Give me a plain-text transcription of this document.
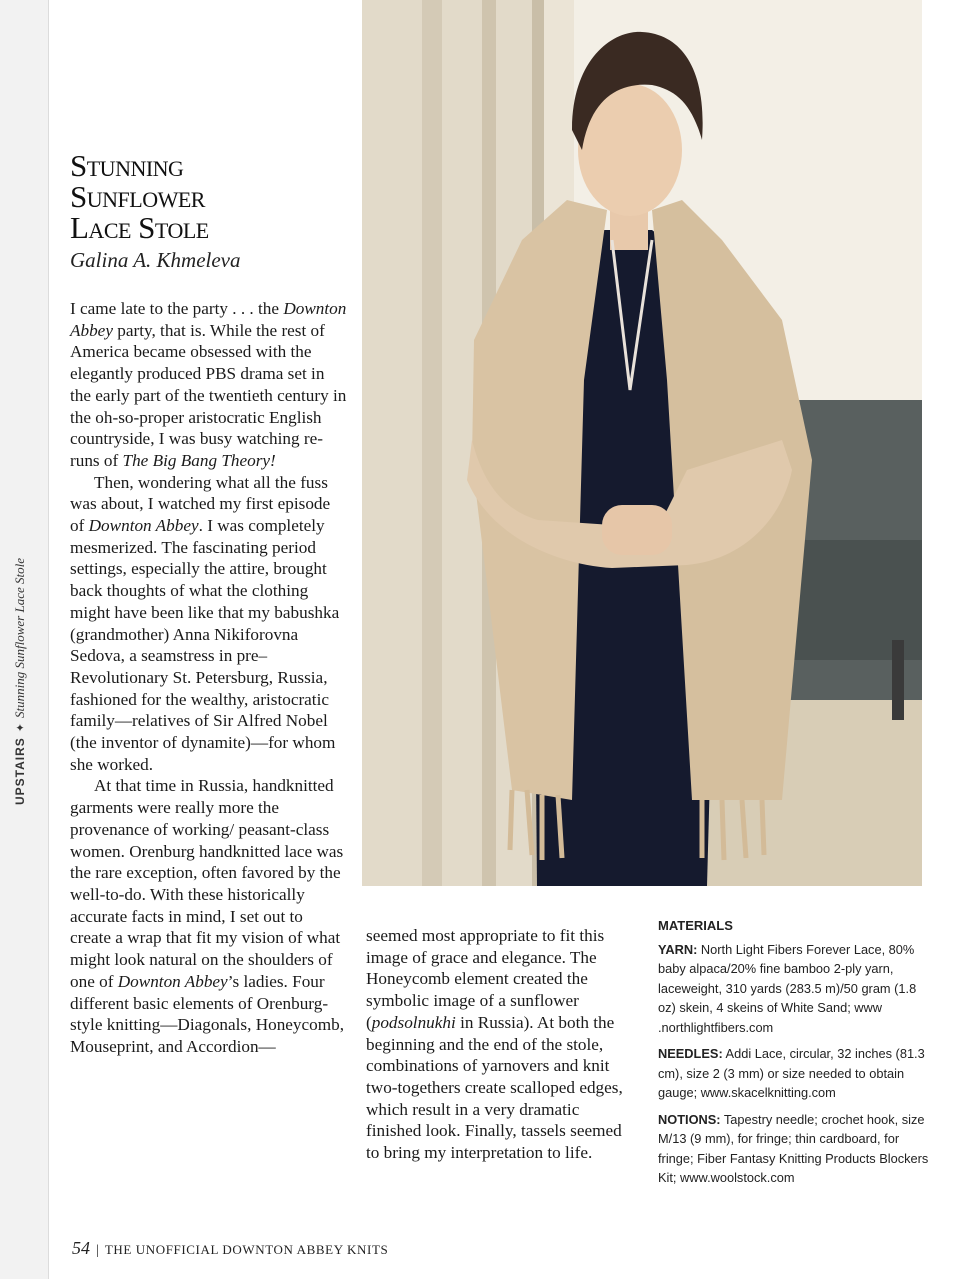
UPSTAIRS✦Stunning Sunflower Lace Stole
Stunning
Sunflower
Lace Stole
Galina A. Khmeleva

I came late to the party . . . the Downton Abbey party, that is. While the rest of America became obsessed with the elegantly produced PBS drama set in the early part of the twentieth century in the oh-so-proper aristocratic English countryside, I was busy watching re-runs of The Big Bang Theory!

Then, wondering what all the fuss was about, I watched my first episode of Downton Abbey. I was completely mesmerized. The fascinating period settings, especially the attire, brought back thoughts of what the clothing might have been like that my babushka (grandmother) Anna Nikiforovna Sedova, a seamstress in pre–Revolutionary St. Petersburg, Russia, fashioned for the wealthy, aristocratic family—relatives of Sir Alfred Nobel (the inventor of dynamite)—for whom she worked.

At that time in Russia, handknitted garments were really more the provenance of working/ peasant-class women. Orenburg handknitted lace was the rare exception, often favored by the well-to-do. With these historically accurate facts in mind, I set out to create a wrap that fit my vision of what might look natural on the shoulders of one of Downton Abbey’s ladies. Four different basic elements of Orenburg-style knitting—Diagonals, Honeycomb, Mouseprint, and Accordion—

seemed most appropriate to fit this image of grace and elegance. The Honeycomb element created the symbolic image of a sunflower (podsolnukhi in Russia). At both the beginning and the end of the stole, combinations of yarnovers and knit two-togethers create scalloped edges, which result in a very dramatic finished look. Finally, tassels seemed to bring my interpretation to life.

MATERIALS

YARN: North Light Fibers Forever Lace, 80% baby alpaca/20% fine bamboo 2-ply yarn, laceweight, 310 yards (283.5 m)/50 gram (1.8 oz) skein, 4 skeins of White Sand; www .northlightfibers.com

NEEDLES: Addi Lace, circular, 32 inches (81.3 cm), size 2 (3 mm) or size needed to obtain gauge; www.skacelknitting.com

NOTIONS: Tapestry needle; crochet hook, size M/13 (9 mm), for fringe; thin cardboard, for fringe; Fiber Fantasy Knitting Products Blockers Kit; www.woolstock.com

54 | THE UNOFFICIAL DOWNTON ABBEY KNITS
